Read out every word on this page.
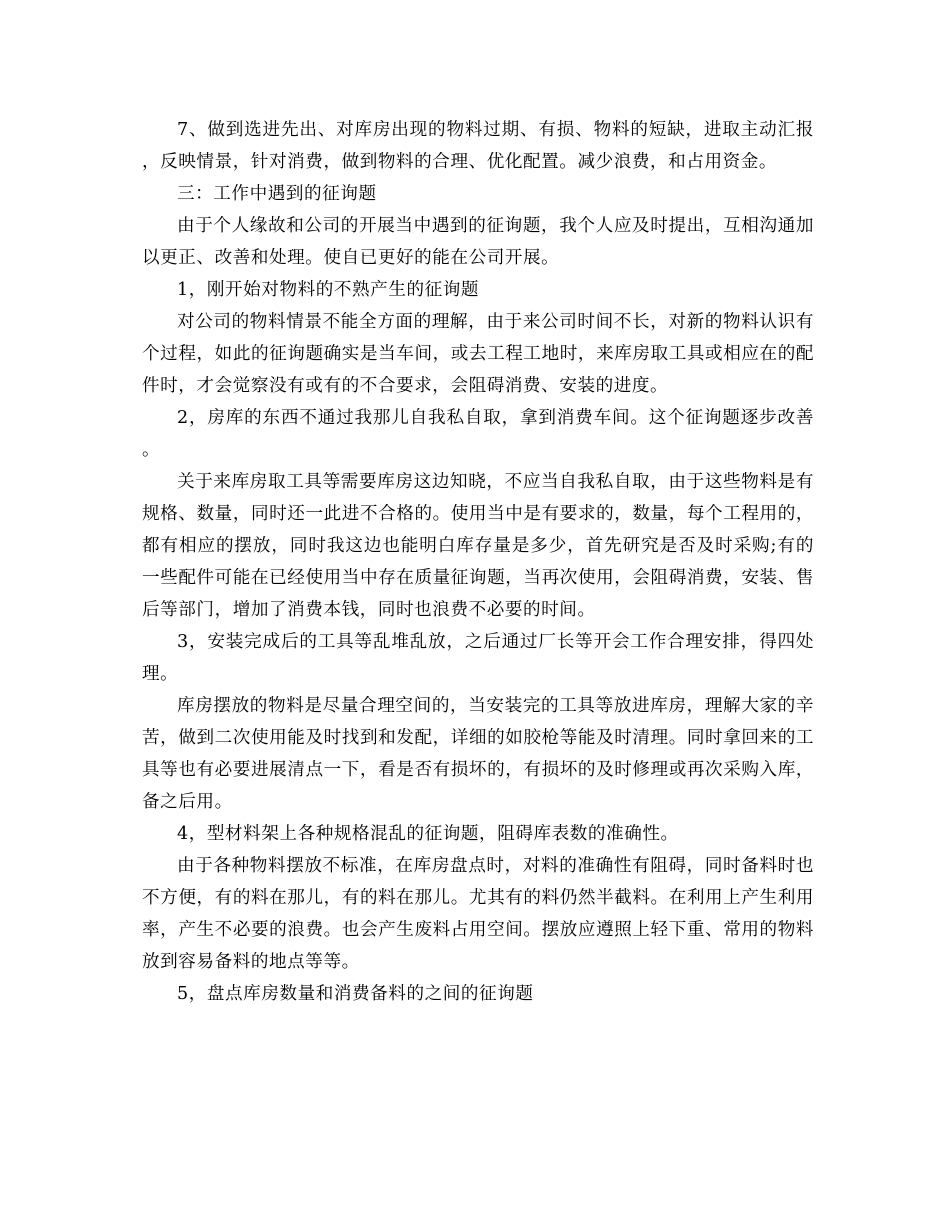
7、做到选进先出、对库房出现的物料过期、有损、物料的短缺，进取主动汇报，反映情景，针对消费，做到物料的合理、优化配置。减少浪费，和占用资金。

三：工作中遇到的征询题

由于个人缘故和公司的开展当中遇到的征询题，我个人应及时提出，互相沟通加以更正、改善和处理。使自已更好的能在公司开展。

1，刚开始对物料的不熟产生的征询题

对公司的物料情景不能全方面的理解，由于来公司时间不长，对新的物料认识有个过程，如此的征询题确实是当车间，或去工程工地时，来库房取工具或相应在的配件时，才会觉察没有或有的不合要求，会阻碍消费、安装的进度。

2，房库的东西不通过我那儿自我私自取，拿到消费车间。这个征询题逐步改善。

关于来库房取工具等需要库房这边知晓，不应当自我私自取，由于这些物料是有规格、数量，同时还一此进不合格的。使用当中是有要求的，数量，每个工程用的，都有相应的摆放，同时我这边也能明白库存量是多少，首先研究是否及时采购;有的一些配件可能在已经使用当中存在质量征询题，当再次使用，会阻碍消费，安装、售后等部门，增加了消费本钱，同时也浪费不必要的时间。

3，安装完成后的工具等乱堆乱放，之后通过厂长等开会工作合理安排，得四处理。

库房摆放的物料是尽量合理空间的，当安装完的工具等放进库房，理解大家的辛苦，做到二次使用能及时找到和发配，详细的如胶枪等能及时清理。同时拿回来的工具等也有必要进展清点一下，看是否有损坏的，有损坏的及时修理或再次采购入库，备之后用。

4，型材料架上各种规格混乱的征询题，阻碍库表数的准确性。

由于各种物料摆放不标准，在库房盘点时，对料的准确性有阻碍，同时备料时也不方便，有的料在那儿，有的料在那儿。尤其有的料仍然半截料。在利用上产生利用率，产生不必要的浪费。也会产生废料占用空间。摆放应遵照上轻下重、常用的物料放到容易备料的地点等等。

5，盘点库房数量和消费备料的之间的征询题
